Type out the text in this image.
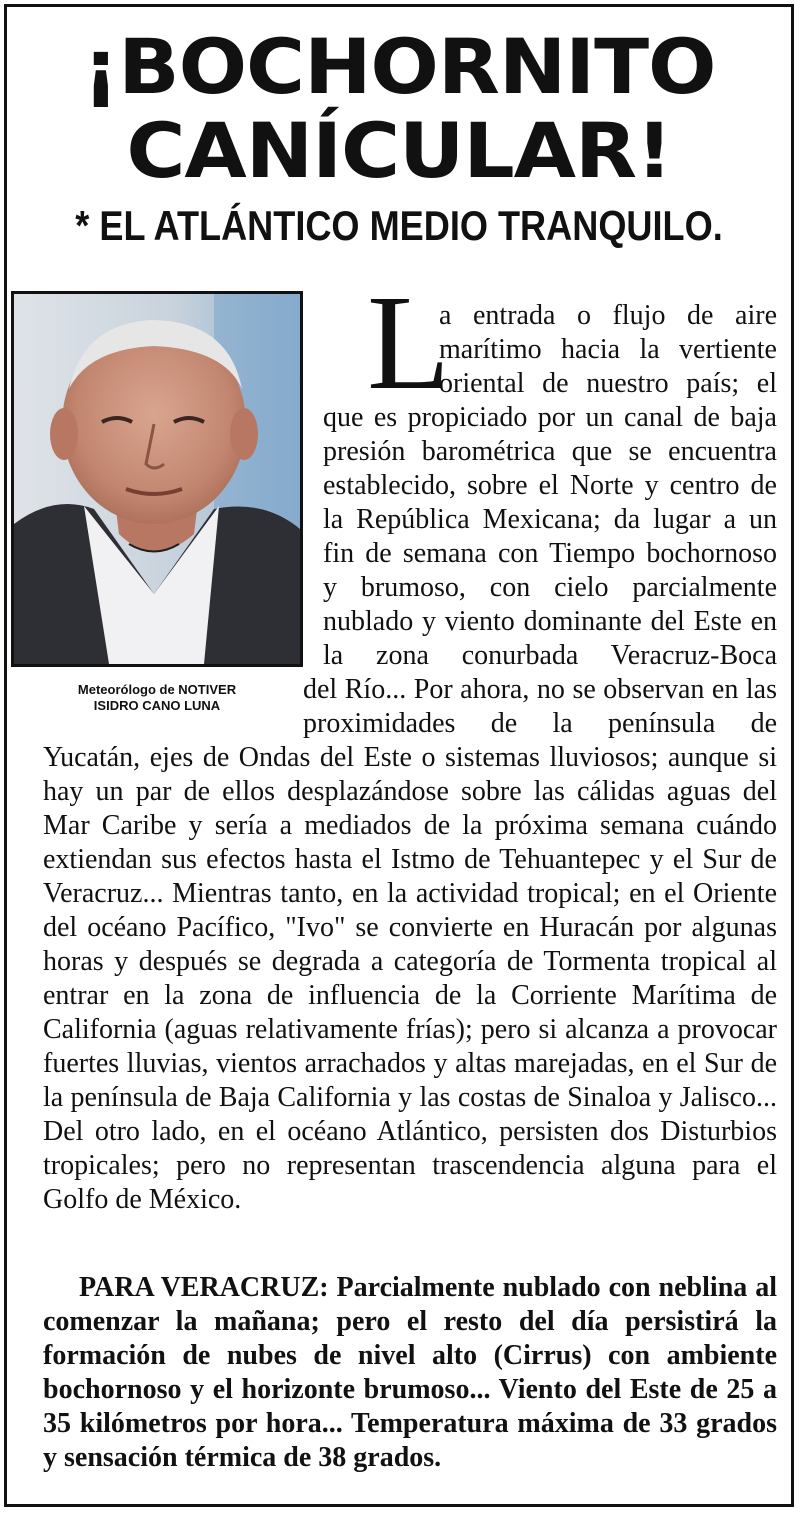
¡BOCHORNITO
CANÍCULAR!
* EL ATLÁNTICO MEDIO TRANQUILO.
Meteorólogo de NOTIVER
ISIDRO CANO LUNA
L

a entrada o flujo de aire marítimo hacia la vertiente oriental de nuestro país; el

que es propiciado por un canal de baja presión barométrica que se encuentra establecido, sobre el Norte y centro de la República Mexicana; da lugar a un fin de semana con Tiempo bochornoso y brumoso, con cielo parcialmente nublado y viento dominante del Este en la zona conurbada Veracruz-Boca

del Río... Por ahora, no se observan en las proximidades de la península de

Yucatán, ejes de Ondas del Este o sistemas lluviosos; aunque si hay un par de ellos desplazándose sobre las cálidas aguas del Mar Caribe y sería a mediados de la próxima semana cuándo extiendan sus efectos hasta el Istmo de Tehuantepec y el Sur de Veracruz... Mientras tanto, en la actividad tropical; en el Oriente del océano Pacífico, "Ivo" se convierte en Huracán por algunas horas y después se degrada a categoría de Tormenta tropical al entrar en la zona de influencia de la Corriente Marítima de California (aguas relativamente frías); pero si alcanza a provocar fuertes lluvias, vientos arrachados y altas marejadas, en el Sur de la península de Baja California y las costas de Sinaloa y Jalisco... Del otro lado, en el océano Atlántico, persisten dos Disturbios tropicales; pero no representan trascendencia alguna para el Golfo de México.

PARA VERACRUZ: Parcialmente nublado con neblina al comenzar la mañana; pero el resto del día persistirá la formación de nubes de nivel alto (Cirrus) con ambiente bochornoso y el horizonte brumoso... Viento del Este de 25 a 35 kilómetros por hora... Temperatura máxima de 33 grados y sensación térmica de 38 grados.
